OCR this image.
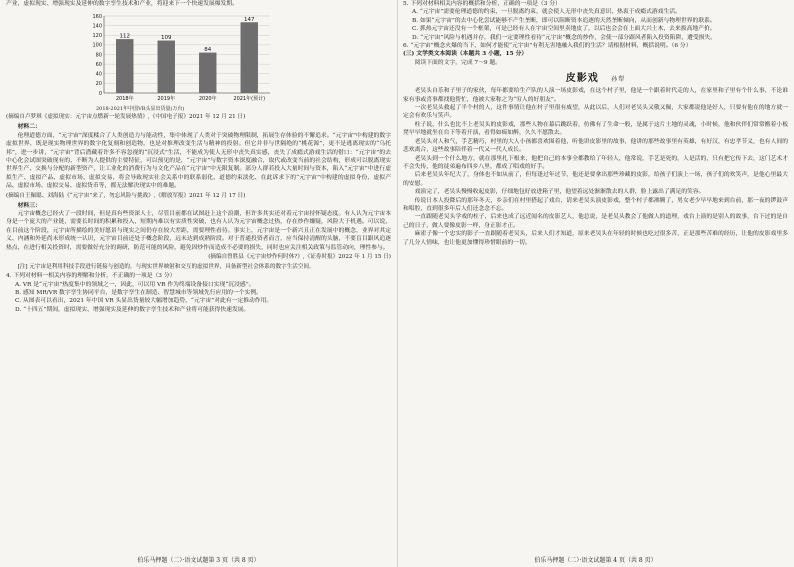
产业，虚拟现实、增强现实及延伸的数字孪生技术和产业，将迎来下一个快速发展爆发期。

0
20
40
60
80
100
120
140
160
112
2018年
109
2019年
84
2020年
147
2021年(预计)

2018-2021年中国VR头显出货量(万台)

(摘编自卢梦琪《虚拟现实：元宇宙点燃新一轮发展热情》,《中国电子报》2021 年 12 月 21 日)

材料二：

伦理道德方面，“元宇宙”深度糅合了人类创造力与能动性，集中体现了人类对于突破物理限制，拓展生存体验的不懈追求。“元宇宙”中构建的数字虚拟世界，既是现实物理世界的数字化复刻和创造物，也是对推理改变生活与精神的投射。但它并非与世隔绝的“桃花源”，更不是逃离现实的“乌托邦”，进一步讲，“元宇宙”背后潜藏着许多不容忽视的“沉浸式”生活，不能成为使人无形中丧失真实感，丧失了成瘾式游戏生活的借口：“元宇宙”的去中心化会试图突破现有的、不断为人提供的主要特征，可以预见的是，“元宇宙”与数字资本深度融合，取代或改变当前的社会结构，形成可以脱离现实世界生产、交换与分配的新型资产，让工业化的消费行为与文化产品在“元宇宙”中无限复制。部分人群若投入大量时间与资本，陷入“元宇宙”中进行虚拟生产、虚拟产品、虚拟市场、虚拟交易，将会导致现实社会关系中的联系弱化、道德约束淡化、在此诉求下的“元宇宙”中构建的虚拟身份、虚拟产品、虚拟市场、虚拟交易、虚拟货币等，都无法解决现实中的难题。

(摘编自王佩聪、刘海陆《“元宇宙”来了，勿忘风险与挑战》,《解放军报》2021 年 12 月 17 日)

材料三：

元宇宙概念已经火了一段时间，但是真有些资深人士，尽管目前都在试图赶上这个浪潮，但许多其实还对着元宇宙持怀疑态度。有人认为元宇宙本身是一个庞大的产业链，需要长时间的积累和投入，短期内难以有实质性突破，也有人认为元宇宙概念过热，存在炒作嫌疑，风险大于机遇。可以说，在目前这个阶段，元宇宙所描绘的美好愿景与现实之间仍存在较大差距，需要理性看待。事实上，元宇宙是一个新兴且正在发展中的概念，业界对其定义、内涵和外延尚未形成统一认识，元宇宙目前还处于概念阶段，远未达到成熟阶段。对于普通投资者而言，应当保持清醒的头脑，不要盲目跟风追逐热点，在进行相关投资时，需要做好充分的调研，防范可能的风险，避免因炒作而造成不必要的损失，同时也应关注相关政策与监管动向，理性参与。

(摘编自曾胜县《元宇宙炒作何时休?》,《证券时报》2022 年 1 月 15 日)

[注] 元宇宙是利用科技手段进行链接与创造的，与现实世界映射和交互的虚拟世界，具备新型社会体系的数字生活空间。

4. 下列对材料一相关内容的理解和分析，不正确的一项是（3 分）

A. VR 是“元宇宙”热度集中的领域之一，因此，可以用 VR 作为终端设备接口实现“沉浸感”。

B. 感知 MR/VR 数字孪生协同平台，是数字孪生在制造、智慧城市等领域先行应用的一个实例。

C. 从图表可以看出，2021 年中国 VR 头显出货量较大幅增加趋势，“元宇宙”对此有一定推动作用。

D. “十四五”期间，虚拟现实、增强现实及延伸的数字孪生技术和产业将可能获得快速发展。

伯乐马押题（二）·语文试题第 3 页（共 8 页）

5. 下列对材料相关内容的概括和分析，正确的一项是（3 分）

A. “元宇宙”需要伦理道德的约束，一旦脱离约束，就会使人无形中丧失真意识、热衷于成瘾式游戏生活。

B. 如果“元宇宙”的去中心化尝试能够不产生垄断，即可以阻断资本追逐的天然垄断倾向，从而创新与物理世界的联系。

C. 抓热元宇宙还没有一个框架，可是已经有人在宇宙空间里卖地皮了，以后也会会在上面大兴土木，去来拔高地产价。

D. “元宇宙”风险与机遇并存，我们一定要理性看待“元宇宙”概念的炒作，会使一部分跟风者陷入投资陷阱，遭受损失。

6. “元宇宙”概念火爆的当下，如何才能使“元宇宙”有利无害地融入我们的生活？请根据材料，概括说明。（6 分）

(三) 文学类文本阅读（本题共 3 小题，15 分）

阅读下面的文字，完成 7～9 题。

皮影戏 孙犁

老吴头自乐和子里子的家伙，每年都要给生产队的人演一场皮影戏，在这个村子里，他是一个跟着时代走的人，在家里和子里有个什么事，不论谁家有事或喜事都找他帮忙，他被大家称之为“穷人的好朋友”。

一次老吴头救起了半个村的人，这件事情让他在村子里很有威望，从此以后，人们对老吴头又敬又佩，大家都说他是好人，只要有他在的地方就一定会有欢乐与笑声。

柱子说，什么也比不上老吴头的皮影戏，那些人物在幕后跳跃着，仿佛有了生命一般，是属于这片土地的灵魂，小时候，他和伙伴们常常搬着小板凳早早地就坐在台下等着开演，看得如痴如醉，久久不愿散去。

老吴头对人和气，手艺精巧，村里的大人小孩都喜欢围着他，听他讲皮影里的故事，他讲的那些故事里有英雄，有好汉，有忠孝节义，也有人间的悲欢离合，这些故事陪伴着一代又一代人成长。

老吴头到一个什么地方，就在那里扎下根来，他把自己的本事全都教给了年轻人，他常说，手艺是死的，人是活的，只有把它传下去，这门艺术才不会失传，他的徒弟遍布四乡八里，都成了唱戏的好手。

后来老吴头年纪大了，身体也不如从前了，但每逢过年过节，他还是要拿出那些珍藏的皮影，给孩子们演上一场，孩子们的欢笑声，是他心里最大的安慰。

戏演完了，老吴头慢慢收起皮影，仔细地包好放进箱子里，他望着远处渐渐散去的人群，脸上露出了满足的笑容。

传说日本人投降后的那年冬天，乡亲们在村里搭起了戏台，请来老吴头演皮影戏，整个村子都沸腾了，男女老少早早地来到台前，那一夜的锣鼓声和唱腔，直到很多年后人们还念念不忘。

一直跟随老吴头学戏的柱子，后来也成了远近闻名的皮影艺人，他总说，是老吴头教会了他做人的道理，戏台上演的是别人的故事，台下过的是自己的日子，做人要像皮影一样，身正影才正。

麻雀子像一个忠实的影子一直跟随着老吴头，后来人们才知道，原来老吴头在年轻的时候也吃过很多苦，正是那些苦难的经历，让他的皮影戏里多了几分人情味，也让他更加懂得珍惜眼前的一切。

伯乐马押题（二）·语文试题第 4 页（共 8 页）
